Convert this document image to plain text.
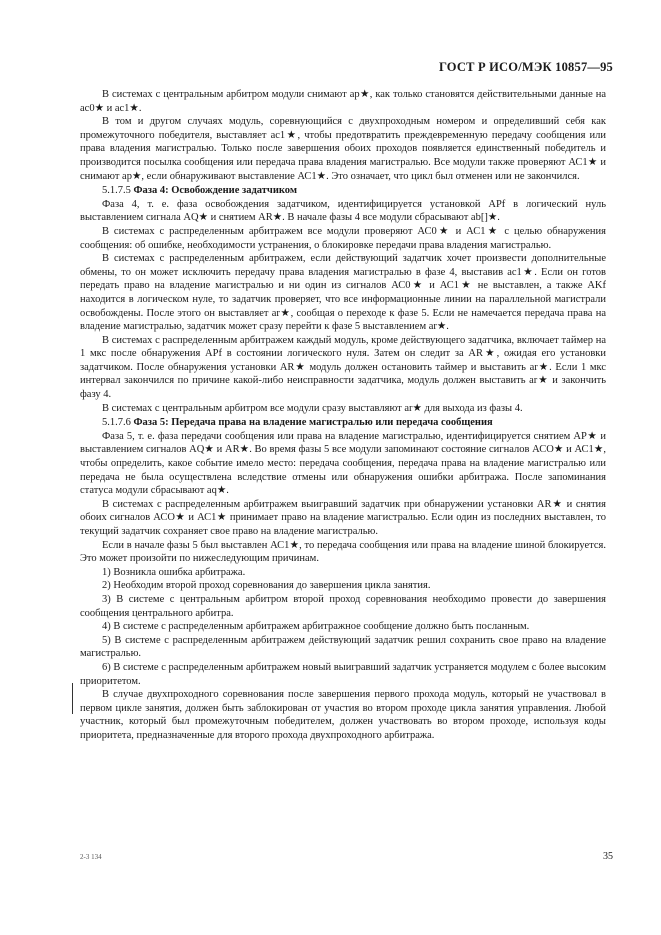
ГОСТ Р ИСО/МЭК 10857—95

В системах с центральным арбитром модули снимают ар★, как только становятся действительными данные на ас0★ и ас1★.

В том и другом случаях модуль, соревнующийся с двухпроходным номером и определивший себя как промежуточного победителя, выставляет ас1★, чтобы предотвратить преждевременную передачу сообщения или права владения магистралью. Только после завершения обоих проходов появляется единственный победитель и производится посылка сообщения или передача права владения магистралью. Все модули также проверяют АС1★ и снимают ар★, если обнаруживают выставление АС1★. Это означает, что цикл был отменен или не закончился.

5.1.7.5 Фаза 4: Освобождение задатчиком

Фаза 4, т. е. фаза освобождения задатчиком, идентифицируется установкой APf в логический нуль выставлением сигнала AQ★ и снятием AR★. В начале фазы 4 все модули сбрасывают ab[]★.

В системах с распределенным арбитражем все модули проверяют АС0★ и АС1★ с целью обнаружения сообщения: об ошибке, необходимости устранения, о блокировке передачи права владения магистралью.

В системах с распределенным арбитражем, если действующий задатчик хочет произвести дополнительные обмены, то он может исключить передачу права владения магистралью в фазе 4, выставив ас1★. Если он готов передать право на владение магистралью и ни один из сигналов АС0★ и АС1★ не выставлен, а также AKf находится в логическом нуле, то задатчик проверяет, что все информационные линии на параллельной магистрали освобождены. После этого он выставляет ar★, сообщая о переходе к фазе 5. Если не намечается передача права на владение магистралью, задатчик может сразу перейти к фазе 5 выставлением ar★.

В системах с распределенным арбитражем каждый модуль, кроме действующего задатчика, включает таймер на 1 мкс после обнаружения APf в состоянии логического нуля. Затем он следит за AR★, ожидая его установки задатчиком. После обнаружения установки AR★ модуль должен остановить таймер и выставить ar★. Если 1 мкс интервал закончился по причине какой-либо неисправности задатчика, модуль должен выставить ar★ и закончить фазу 4.

В системах с центральным арбитром все модули сразу выставляют ar★ для выхода из фазы 4.

5.1.7.6 Фаза 5: Передача права на владение магистралью или передача сообщения

Фаза 5, т. е. фаза передачи сообщения или права на владение магистралью, идентифицируется снятием АР★ и выставлением сигналов AQ★ и AR★. Во время фазы 5 все модули запоминают состояние сигналов АСО★ и АС1★, чтобы определить, какое событие имело место: передача сообщения, передача права на владение магистралью или передача не была осуществлена вследствие отмены или обнаружения ошибки арбитража. После запоминания статуса модули сбрасывают aq★.

В системах с распределенным арбитражем выигравший задатчик при обнаружении установки AR★ и снятия обоих сигналов АСО★ и АС1★ принимает право на владение магистралью. Если один из последних выставлен, то текущий задатчик сохраняет свое право на владение магистралью.

Если в начале фазы 5 был выставлен АС1★, то передача сообщения или права на владение шиной блокируется. Это может произойти по нижеследующим причинам.

1) Возникла ошибка арбитража.

2) Необходим второй проход соревнования до завершения цикла занятия.

3) В системе с центральным арбитром второй проход соревнования необходимо провести до завершения сообщения центрального арбитра.

4) В системе с распределенным арбитражем арбитражное сообщение должно быть посланным.

5) В системе с распределенным арбитражем действующий задатчик решил сохранить свое право на владение магистралью.

6) В системе с распределенным арбитражем новый выигравший задатчик устраняется модулем с более высоким приоритетом.

В случае двухпроходного соревнования после завершения первого прохода модуль, который не участвовал в первом цикле занятия, должен быть заблокирован от участия во втором проходе цикла занятия управления. Любой участник, который был промежуточным победителем, должен участвовать во втором проходе, используя коды приоритета, предназначенные для второго прохода двухпроходного арбитража.

2-3 134	35
